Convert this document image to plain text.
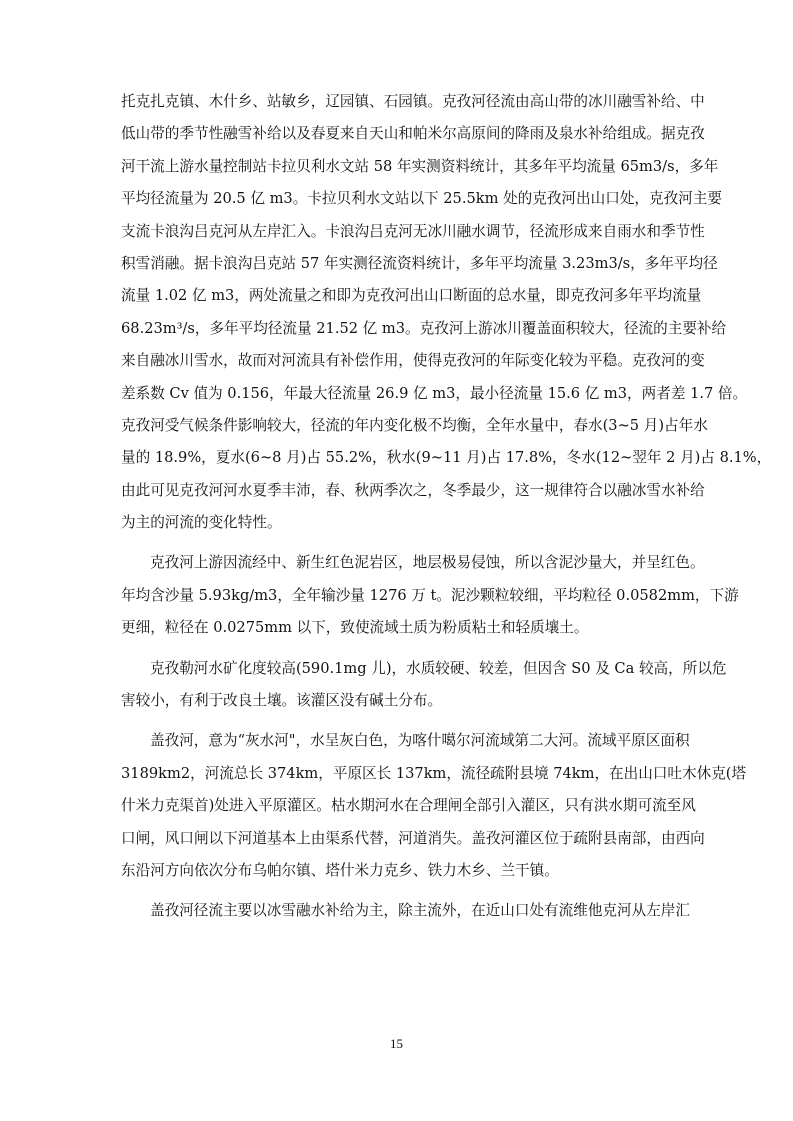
托克扎克镇、木什乡、站敏乡，辽园镇、石园镇。克孜河径流由高山带的冰川融雪补给、中
低山带的季节性融雪补给以及春夏来自天山和帕米尔高原间的降雨及泉水补给组成。据克孜
河干流上游水量控制站卡拉贝利水文站 58 年实测资料统计，其多年平均流量 65m3/s，多年
平均径流量为 20.5 亿 m3。卡拉贝利水文站以下 25.5km 处的克孜河出山口处，克孜河主要
支流卡浪沟吕克河从左岸汇入。卡浪沟吕克河无冰川融水调节，径流形成来自雨水和季节性
积雪消融。据卡浪沟吕克站 57 年实测径流资料统计，多年平均流量 3.23m3/s，多年平均径
流量 1.02 亿 m3，两处流量之和即为克孜河出山口断面的总水量，即克孜河多年平均流量
68.23m³/s，多年平均径流量 21.52 亿 m3。克孜河上游冰川覆盖面积较大，径流的主要补给
来自融冰川雪水，故而对河流具有补偿作用，使得克孜河的年际变化较为平稳。克孜河的变
差系数 Cv 值为 0.156，年最大径流量 26.9 亿 m3，最小径流量 15.6 亿 m3，两者差 1.7 倍。
克孜河受气候条件影响较大，径流的年内变化极不均衡，全年水量中，春水(3~5 月)占年水
量的 18.9%，夏水(6~8 月)占 55.2%，秋水(9~11 月)占 17.8%，冬水(12~翌年 2 月)占 8.1%，
由此可见克孜河河水夏季丰沛，春、秋两季次之，冬季最少，这一规律符合以融冰雪水补给
为主的河流的变化特性。

克孜河上游因流经中、新生红色泥岩区，地层极易侵蚀，所以含泥沙量大，并呈红色。
年均含沙量 5.93kg/m3，全年输沙量 1276 万 t。泥沙颗粒较细，平均粒径 0.0582mm，下游
更细，粒径在 0.0275mm 以下，致使流域土质为粉质粘土和轻质壤土。

克孜勒河水矿化度较高(590.1mg 儿)，水质较硬、较差，但因含 S0 及 Ca 较高，所以危
害较小，有利于改良土壤。该灌区没有碱土分布。

盖孜河，意为“灰水河"，水呈灰白色，为喀什噶尔河流域第二大河。流域平原区面积
3189km2，河流总长 374km，平原区长 137km，流径疏附县境 74km，在出山口吐木休克(塔
什米力克渠首)处进入平原灌区。枯水期河水在合理闸全部引入灌区，只有洪水期可流至风
口闸，风口闸以下河道基本上由渠系代替，河道消失。盖孜河灌区位于疏附县南部，由西向
东沿河方向依次分布乌帕尔镇、塔什米力克乡、铁力木乡、兰干镇。

盖孜河径流主要以冰雪融水补给为主，除主流外，在近山口处有流维他克河从左岸汇

15
